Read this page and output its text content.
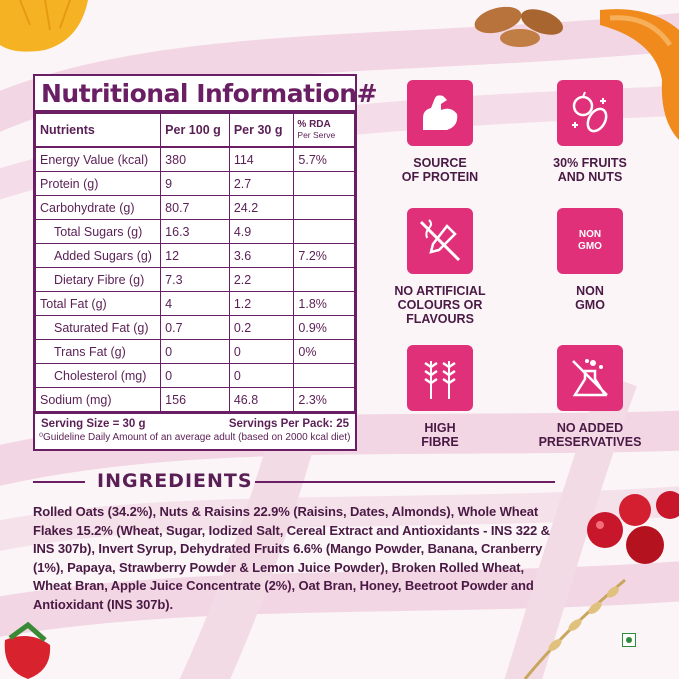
Nutritional Information#
Nutrients	Per 100 g	Per 30 g	% RDA
Per Serve

Energy Value (kcal)	380	114	5.7%
Protein (g)	9	2.7	
Carbohydrate (g)	80.7	24.2	
Total Sugars (g)	16.3	4.9	
Added Sugars (g)	12	3.6	7.2%
Dietary Fibre (g)	7.3	2.2	
Total Fat (g)	4	1.2	1.8%
Saturated Fat (g)	0.7	0.2	0.9%
Trans Fat (g)	0	0	0%
Cholesterol (mg)	0	0	
Sodium (mg)	156	46.8	2.3%
Serving Size = 30 g	Servings Per Pack: 25
⁰Guideline Daily Amount of an average adult (based on 2000 kcal diet)
SOURCE
OF PROTEIN
30% FRUITS
AND NUTS
NO ARTIFICIAL
COLOURS OR FLAVOURS
NON
GMO
NON
GMO
HIGH
FIBRE
NO ADDED
PRESERVATIVES
INGREDIENTS
Rolled Oats (34.2%), Nuts & Raisins 22.9% (Raisins, Dates, Almonds), Whole Wheat Flakes 15.2% (Wheat, Sugar, Iodized Salt, Cereal Extract and Antioxidants - INS 322 & INS 307b), Invert Syrup, Dehydrated Fruits 6.6% (Mango Powder, Banana, Cranberry (1%), Papaya, Strawberry Powder & Lemon Juice Powder), Broken Rolled Wheat, Wheat Bran, Apple Juice Concentrate (2%), Oat Bran, Honey, Beetroot Powder and Antioxidant (INS 307b).
